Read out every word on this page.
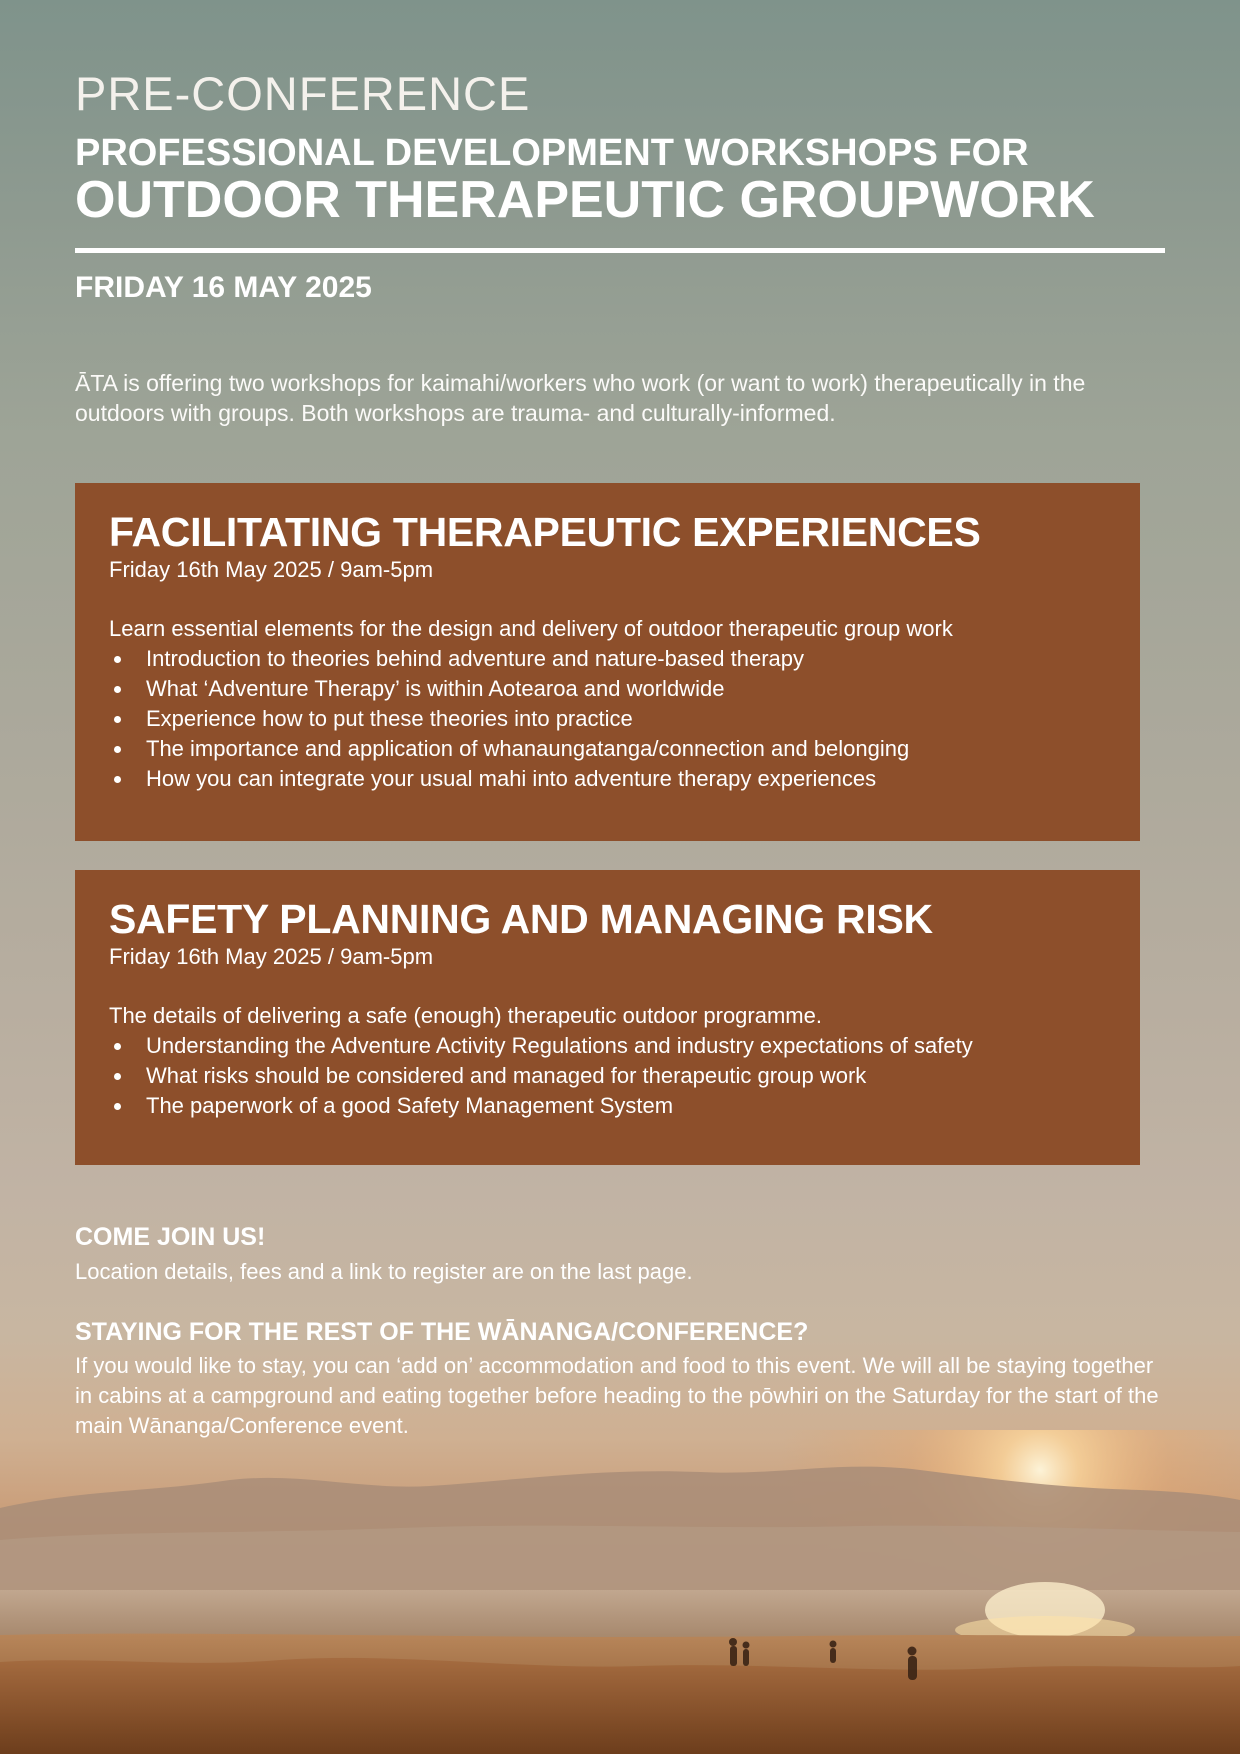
PRE-CONFERENCE
PROFESSIONAL DEVELOPMENT WORKSHOPS FOR
OUTDOOR THERAPEUTIC GROUPWORK
FRIDAY 16 MAY 2025

ĀTA is offering two workshops for kaimahi/workers who work (or want to work) therapeutically in the outdoors with groups. Both workshops are trauma- and culturally-informed.

FACILITATING THERAPEUTIC EXPERIENCES

Friday 16th May 2025 / 9am-5pm

Learn essential elements for the design and delivery of outdoor therapeutic group work

Introduction to theories behind adventure and nature-based therapy
What ‘Adventure Therapy’ is within Aotearoa and worldwide
Experience how to put these theories into practice
The importance and application of whanaungatanga/connection and belonging
How you can integrate your usual mahi into adventure therapy experiences
SAFETY PLANNING AND MANAGING RISK

Friday 16th May 2025 / 9am-5pm

The details of delivering a safe (enough) therapeutic outdoor programme.

Understanding the Adventure Activity Regulations and industry expectations of safety
What risks should be considered and managed for therapeutic group work
The paperwork of a good Safety Management System
COME JOIN US!

Location details, fees and a link to register are on the last page.

STAYING FOR THE REST OF THE WĀNANGA/CONFERENCE?

If you would like to stay, you can ‘add on’ accommodation and food to this event. We will all be staying together in cabins at a campground and eating together before heading to the pōwhiri on the Saturday for the start of the main Wānanga/Conference event.
